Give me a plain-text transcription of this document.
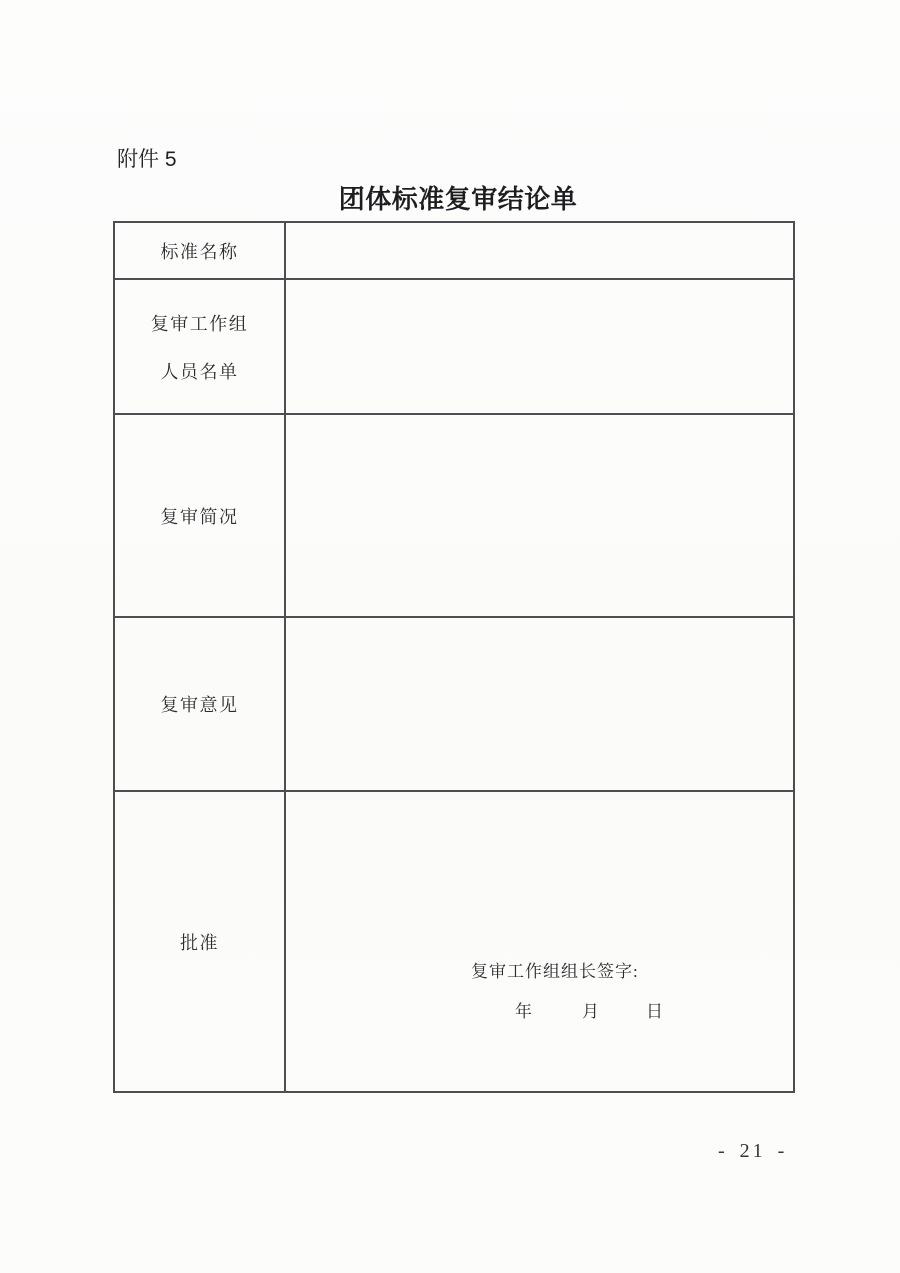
附件 5
团体标准复审结论单
标准名称
复审工作组
人员名单
复审简况
复审意见
批准
复审工作组组长签字:
年	月	日
- 21 -
